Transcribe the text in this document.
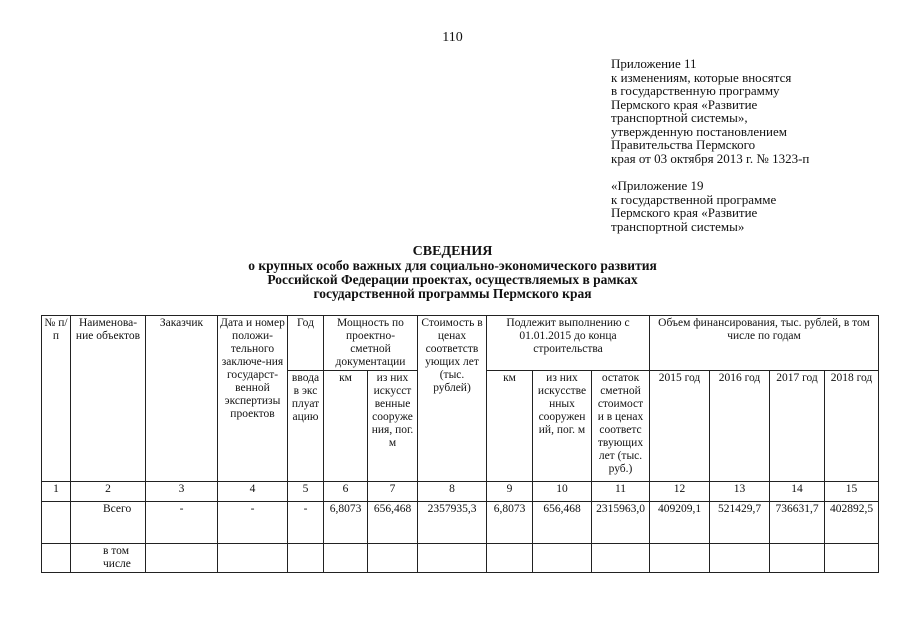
110
Приложение 11
к изменениям, которые вносятся
в государственную программу
Пермского края «Развитие
транспортной системы»,
утвержденную постановлением
Правительства Пермского
края от 03 октября 2013 г. № 1323-п
«Приложение 19
к государственной программе
Пермского края «Развитие
транспортной системы»
СВЕДЕНИЯ
о крупных особо важных для социально-экономического развития
Российской Федерации проектах, осуществляемых в рамках
государственной программы Пермского края
№ п/п	Наименова-ние объектов	Заказчик	Дата и номер положи-тельного заключе-ния государст-венной экспертизы проектов	Год	Мощность по проектно-сметной документации		Стоимость в ценах соответств ующих лет (тыс. рублей)	Подлежит выполнению с 01.01.2015 до конца строительства			Объем финансирования, тыс. рублей, в том числе по годам			
				ввода в экс плуат ацию	км	из них искусст венные сооруже ния, пог. м		км	из них искусстве нных сооружен ий, пог. м	остаток сметной стоимост и в ценах соответс твующих лет (тыс. руб.)	2015 год	2016 год	2017 год	2018 год
1	2	3	4	5	6	7	8	9	10	11	12	13	14	15
	Всего	-	-	-	6,8073	656,468	2357935,3	6,8073	656,468	2315963,0	409209,1	521429,7	736631,7	402892,5
	в том числе													
